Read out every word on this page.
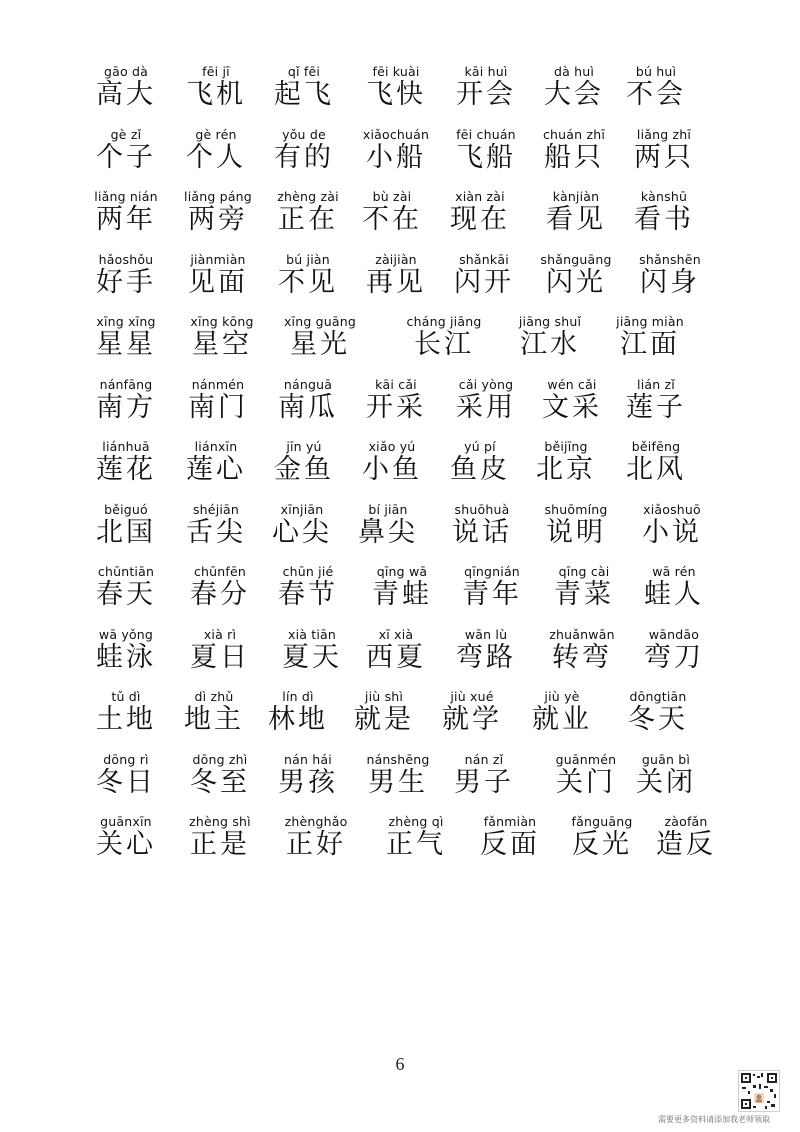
gāo dà
高大
fēi jī
飞机
qǐ fēi
起飞
fēi kuài
飞快
kāi huì
开会
dà huì
大会
bú huì
不会
gè zǐ
个子
gè rén
个人
yǒu de
有的
xiǎochuán
小船
fēi chuán
飞船
chuán zhī
船只
liǎng zhī
两只
liǎng nián
两年
liǎng páng
两旁
zhèng zài
正在
bù zài
不在
xiàn zài
现在
kànjiàn
看见
kànshū
看书
hǎoshǒu
好手
jiànmiàn
见面
bú jiàn
不见
zàijiàn
再见
shǎnkāi
闪开
shǎnguāng
闪光
shǎnshēn
闪身
xīng xīng
星星
xīng kōng
星空
xīng guāng
星光
cháng jiāng
长江
jiāng shuǐ
江水
jiāng miàn
江面
nánfāng
南方
nánmén
南门
nánguā
南瓜
kāi cǎi
开采
cǎi yòng
采用
wén cǎi
文采
lián zǐ
莲子
liánhuā
莲花
liánxīn
莲心
jīn yú
金鱼
xiǎo yú
小鱼
yú pí
鱼皮
běijīng
北京
běifēng
北风
běiguó
北国
shéjiān
舌尖
xīnjiān
心尖
bí jiān
鼻尖
shuōhuà
说话
shuōmíng
说明
xiǎoshuō
小说
chūntiān
春天
chūnfēn
春分
chūn jié
春节
qīng wā
青蛙
qīngnián
青年
qīng cài
青菜
wā rén
蛙人
wā yǒng
蛙泳
xià rì
夏日
xià tiān
夏天
xī xià
西夏
wān lù
弯路
zhuǎnwān
转弯
wāndāo
弯刀
tǔ dì
土地
dì zhǔ
地主
lín dì
林地
jiù shì
就是
jiù xué
就学
jiù yè
就业
dōngtiān
冬天
dōng rì
冬日
dōng zhì
冬至
nán hái
男孩
nánshēng
男生
nán zǐ
男子
guānmén
关门
guān bì
关闭
guānxīn
关心
zhèng shì
正是
zhènghǎo
正好
zhèng qì
正气
fǎnmiàn
反面
fǎnguāng
反光
zàofǎn
造反
6
需要更多资料请添加我老师领取
